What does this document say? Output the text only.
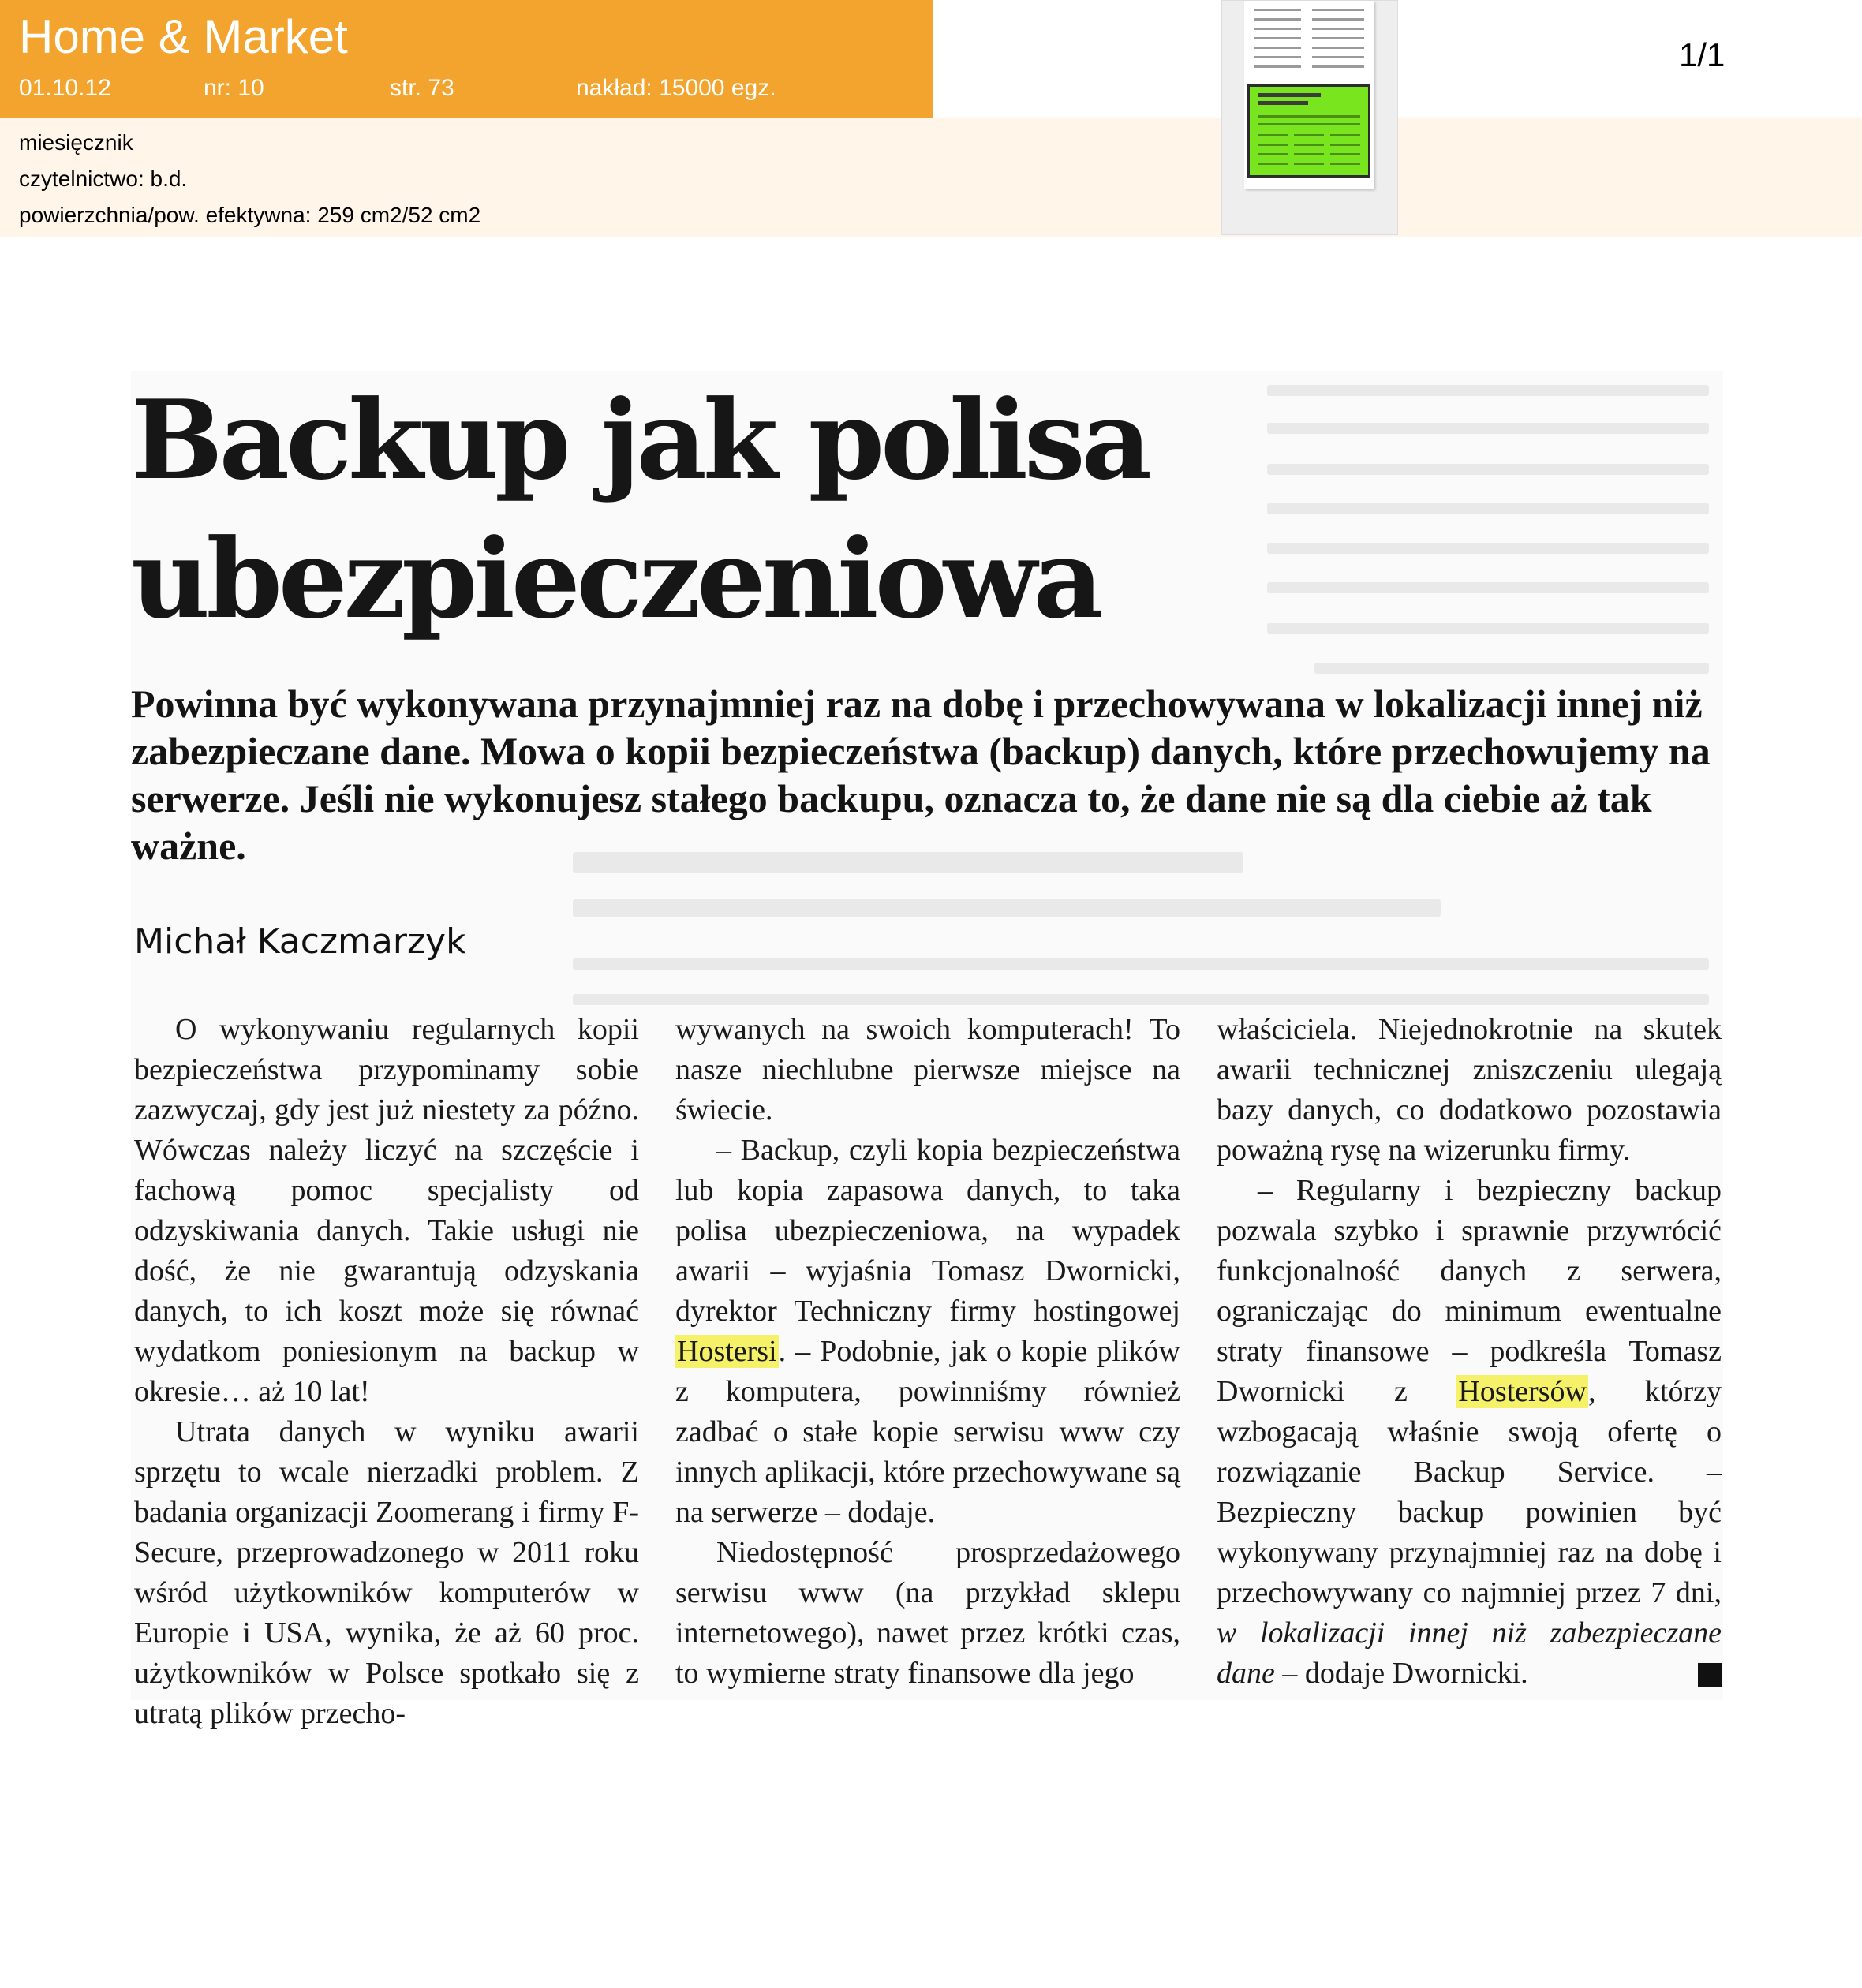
Home & Market
01.10.12	nr: 10	str. 73	nakład: 15000 egz.
miesięcznik
czytelnictwo: b.d.
powierzchnia/pow. efektywna: 259 cm2/52 cm2
1/1
Backup jak polisa
ubezpieczeniowa

Powinna być wykonywana przynajmniej raz na dobę i przechowywana w lokalizacji innej niż zabezpieczane dane. Mowa o kopii bezpieczeństwa (backup) danych, które przechowujemy na serwerze. Jeśli nie wykonujesz stałego backupu, oznacza to, że dane nie są dla ciebie aż tak ważne.

Michał Kaczmarzyk

O wykonywaniu regularnych kopii bezpieczeństwa przypominamy sobie zazwyczaj, gdy jest już niestety za późno. Wówczas należy liczyć na szczęście i fachową pomoc specjalisty od odzyskiwania danych. Takie usługi nie dość, że nie gwarantują odzyskania danych, to ich koszt może się równać wydatkom poniesionym na backup w okresie… aż 10 lat!

Utrata danych w wyniku awarii sprzętu to wcale nierzadki problem. Z badania organizacji Zoomerang i firmy F-Secure, przeprowadzonego w 2011 roku wśród użytkowników komputerów w Europie i USA, wynika, że aż 60 proc. użytkowników w Polsce spotkało się z utratą plików przecho-

wywanych na swoich komputerach! To nasze niechlubne pierwsze miejsce na świecie.

– Backup, czyli kopia bezpieczeństwa lub kopia zapasowa danych, to taka polisa ubezpieczeniowa, na wypadek awarii – wyjaśnia Tomasz Dwornicki, dyrektor Techniczny firmy hostingowej Hostersi. – Podobnie, jak o kopie plików z komputera, powinniśmy również zadbać o stałe kopie serwisu www czy innych aplikacji, które przechowywane są na serwerze – dodaje.

Niedostępność prosprzedażowego serwisu www (na przykład sklepu internetowego), nawet przez krótki czas, to wymierne straty finansowe dla jego

właściciela. Niejednokrotnie na skutek awarii technicznej zniszczeniu ulegają bazy danych, co dodatkowo pozostawia poważną rysę na wizerunku firmy.

– Regularny i bezpieczny backup pozwala szybko i sprawnie przywrócić funkcjonalność danych z serwera, ograniczając do minimum ewentualne straty finansowe – podkreśla Tomasz Dwornicki z Hostersów, którzy wzbogacają właśnie swoją ofertę o rozwiązanie Backup Service. – Bezpieczny backup powinien być wykonywany przynajmniej raz na dobę i przechowywany co najmniej przez 7 dni, w lokalizacji innej niż zabezpieczane dane – dodaje Dwornicki.
